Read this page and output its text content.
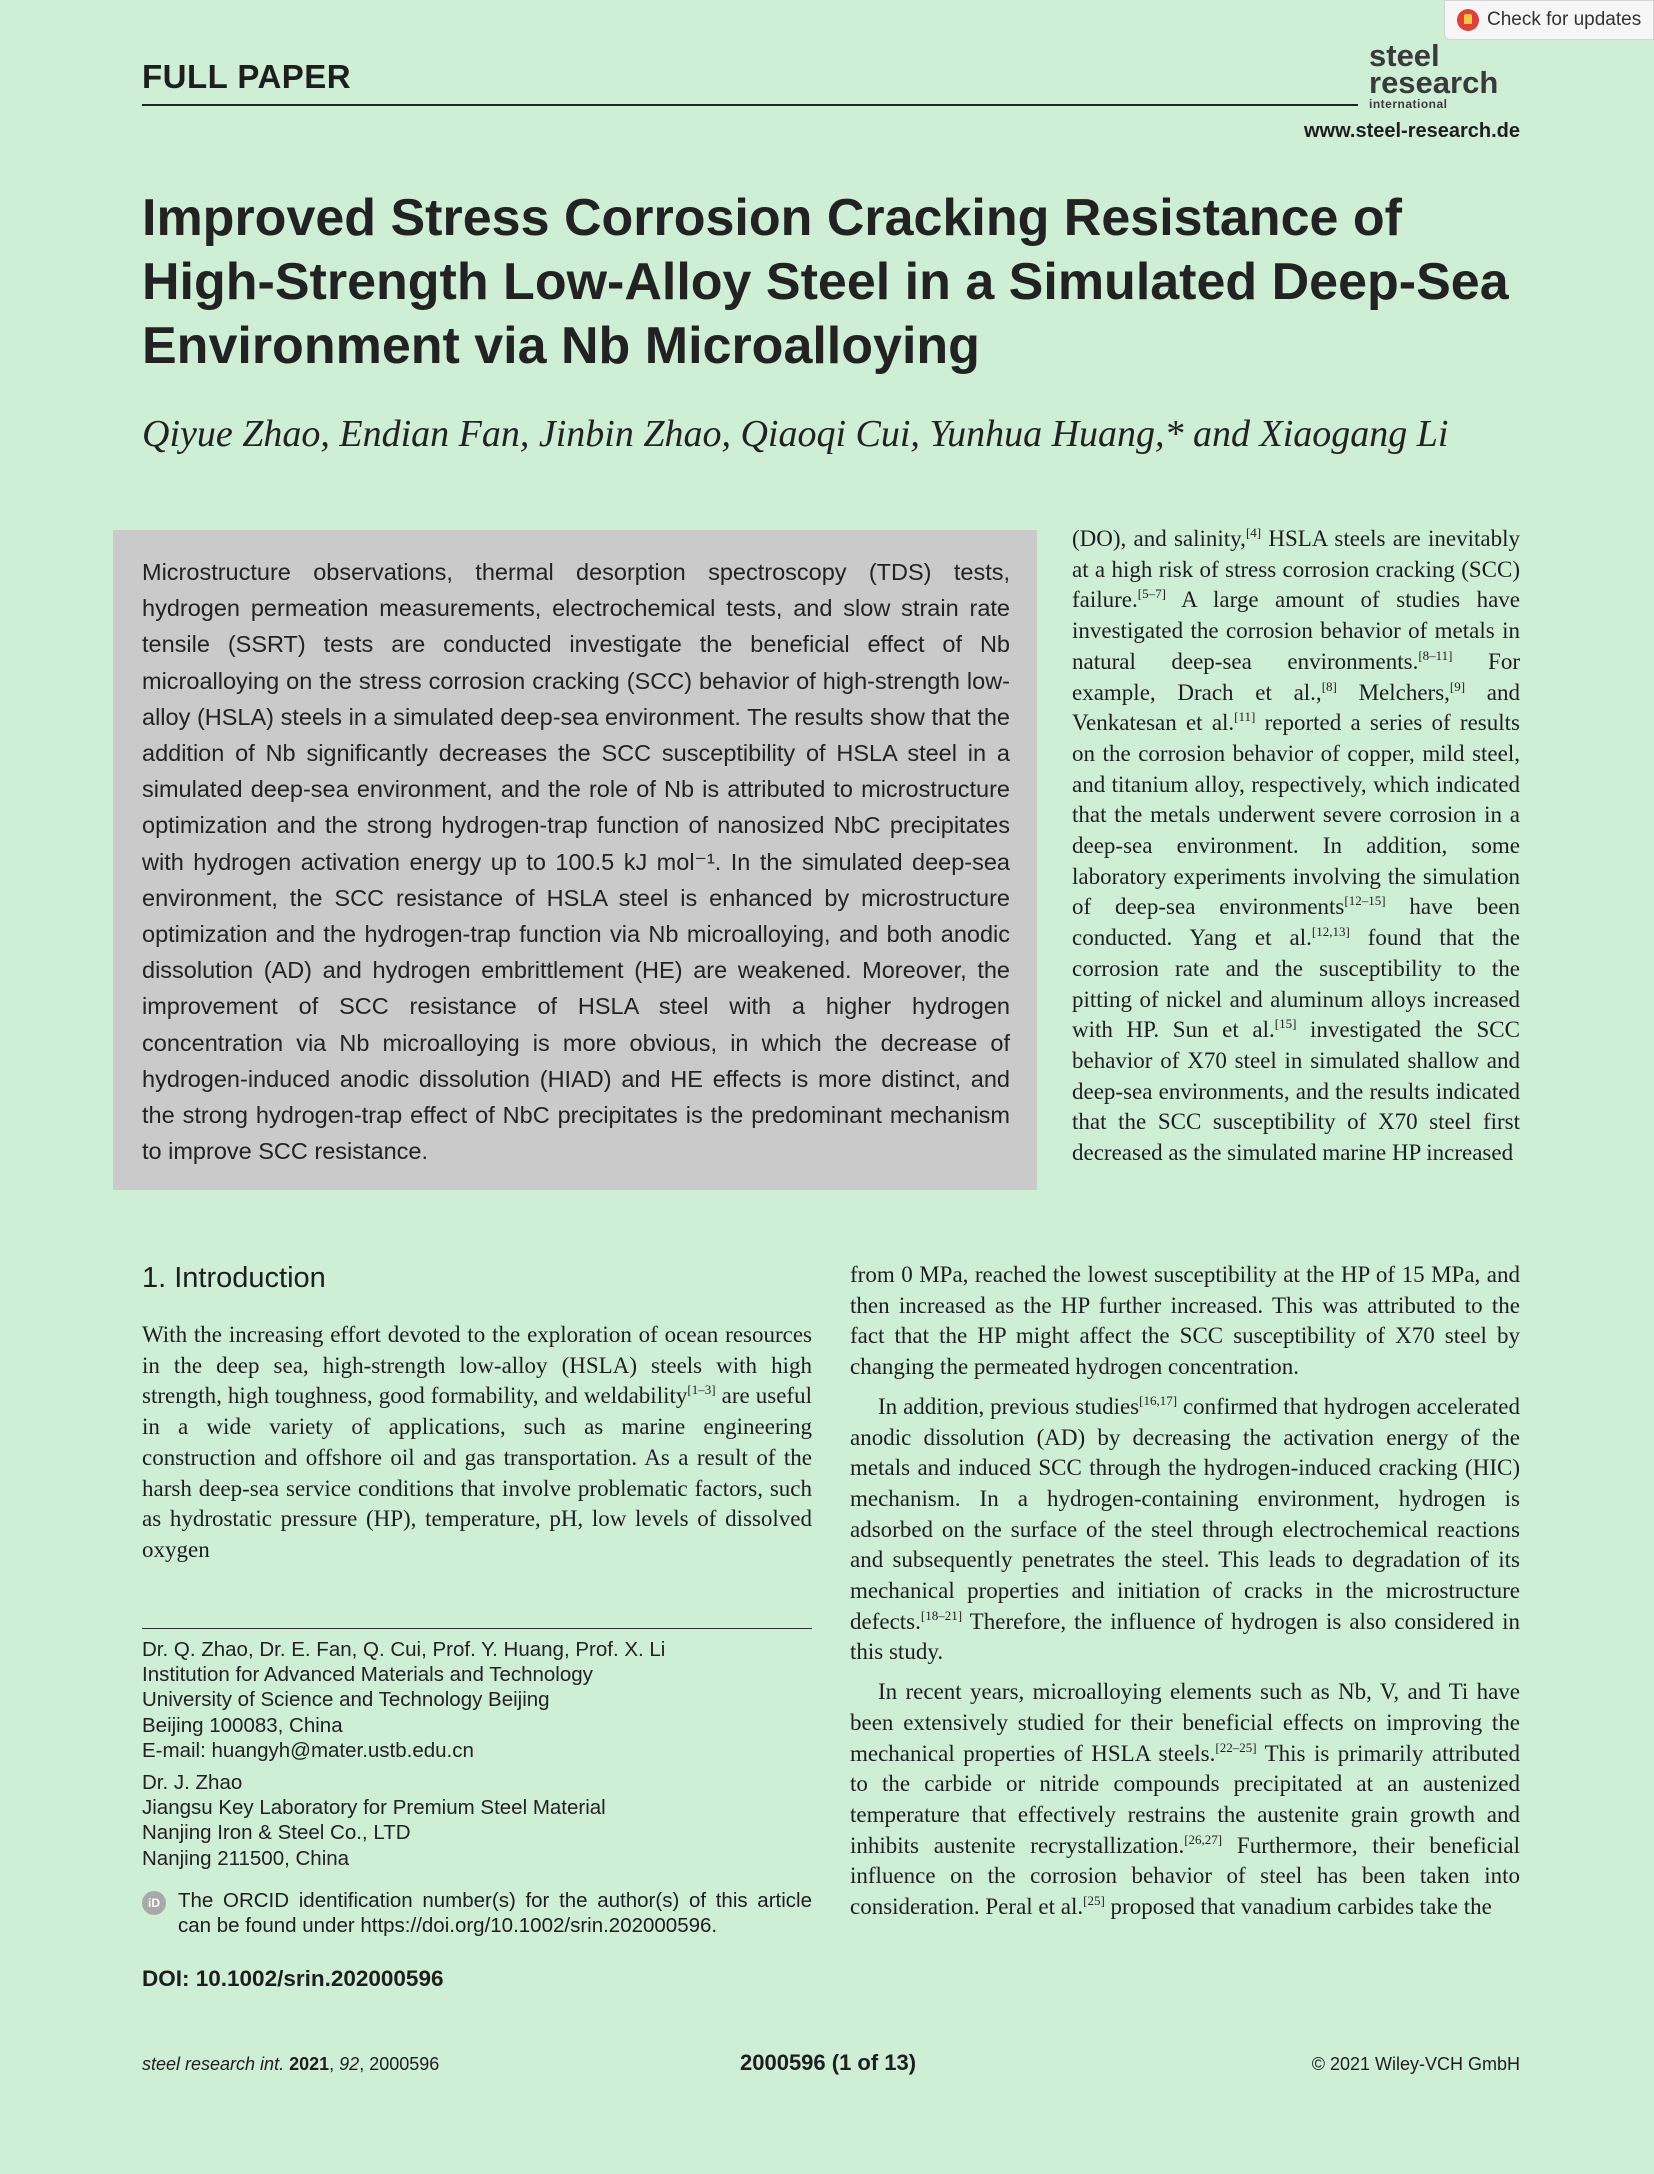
Check for updates
FULL PAPER
steel
research
international
www.steel-research.de
Improved Stress Corrosion Cracking Resistance of High-Strength Low-Alloy Steel in a Simulated Deep-Sea Environment via Nb Microalloying
Qiyue Zhao, Endian Fan, Jinbin Zhao, Qiaoqi Cui, Yunhua Huang,* and Xiaogang Li
Microstructure observations, thermal desorption spectroscopy (TDS) tests, hydrogen permeation measurements, electrochemical tests, and slow strain rate tensile (SSRT) tests are conducted investigate the beneficial effect of Nb microalloying on the stress corrosion cracking (SCC) behavior of high-strength low-alloy (HSLA) steels in a simulated deep-sea environment. The results show that the addition of Nb significantly decreases the SCC susceptibility of HSLA steel in a simulated deep-sea environment, and the role of Nb is attributed to microstructure optimization and the strong hydrogen-trap function of nanosized NbC precipitates with hydrogen activation energy up to 100.5 kJ mol⁻¹. In the simulated deep-sea environment, the SCC resistance of HSLA steel is enhanced by microstructure optimization and the hydrogen-trap function via Nb microalloying, and both anodic dissolution (AD) and hydrogen embrittlement (HE) are weakened. Moreover, the improvement of SCC resistance of HSLA steel with a higher hydrogen concentration via Nb microalloying is more obvious, in which the decrease of hydrogen-induced anodic dissolution (HIAD) and HE effects is more distinct, and the strong hydrogen-trap effect of NbC precipitates is the predominant mechanism to improve SCC resistance.

(DO), and salinity,[4] HSLA steels are inevitably at a high risk of stress corrosion cracking (SCC) failure.[5–7] A large amount of studies have investigated the corrosion behavior of metals in natural deep-sea environments.[8–11] For example, Drach et al.,[8] Melchers,[9] and Venkatesan et al.[11] reported a series of results on the corrosion behavior of copper, mild steel, and titanium alloy, respectively, which indicated that the metals underwent severe corrosion in a deep-sea environment. In addition, some laboratory experiments involving the simulation of deep-sea environments[12–15] have been conducted. Yang et al.[12,13] found that the corrosion rate and the susceptibility to the pitting of nickel and aluminum alloys increased with HP. Sun et al.[15] investigated the SCC behavior of X70 steel in simulated shallow and deep-sea environments, and the results indicated that the SCC susceptibility of X70 steel first decreased as the simulated marine HP increased

from 0 MPa, reached the lowest susceptibility at the HP of 15 MPa, and then increased as the HP further increased. This was attributed to the fact that the HP might affect the SCC susceptibility of X70 steel by changing the permeated hydrogen concentration.

In addition, previous studies[16,17] confirmed that hydrogen accelerated anodic dissolution (AD) by decreasing the activation energy of the metals and induced SCC through the hydrogen-induced cracking (HIC) mechanism. In a hydrogen-containing environment, hydrogen is adsorbed on the surface of the steel through electrochemical reactions and subsequently penetrates the steel. This leads to degradation of its mechanical properties and initiation of cracks in the microstructure defects.[18–21] Therefore, the influence of hydrogen is also considered in this study.

In recent years, microalloying elements such as Nb, V, and Ti have been extensively studied for their beneficial effects on improving the mechanical properties of HSLA steels.[22–25] This is primarily attributed to the carbide or nitride compounds precipitated at an austenized temperature that effectively restrains the austenite grain growth and inhibits austenite recrystallization.[26,27] Furthermore, their beneficial influence on the corrosion behavior of steel has been taken into consideration. Peral et al.[25] proposed that vanadium carbides take the

1. Introduction

With the increasing effort devoted to the exploration of ocean resources in the deep sea, high-strength low-alloy (HSLA) steels with high strength, high toughness, good formability, and weldability[1–3] are useful in a wide variety of applications, such as marine engineering construction and offshore oil and gas transportation. As a result of the harsh deep-sea service conditions that involve problematic factors, such as hydrostatic pressure (HP), temperature, pH, low levels of dissolved oxygen

Dr. Q. Zhao, Dr. E. Fan, Q. Cui, Prof. Y. Huang, Prof. X. Li
Institution for Advanced Materials and Technology
University of Science and Technology Beijing
Beijing 100083, China
E-mail: huangyh@mater.ustb.edu.cn
Dr. J. Zhao
Jiangsu Key Laboratory for Premium Steel Material
Nanjing Iron & Steel Co., LTD
Nanjing 211500, China
iD The ORCID identification number(s) for the author(s) of this article can be found under https://doi.org/10.1002/srin.202000596.
DOI: 10.1002/srin.202000596
steel research int. 2021, 92, 2000596	2000596 (1 of 13)	© 2021 Wiley-VCH GmbH
